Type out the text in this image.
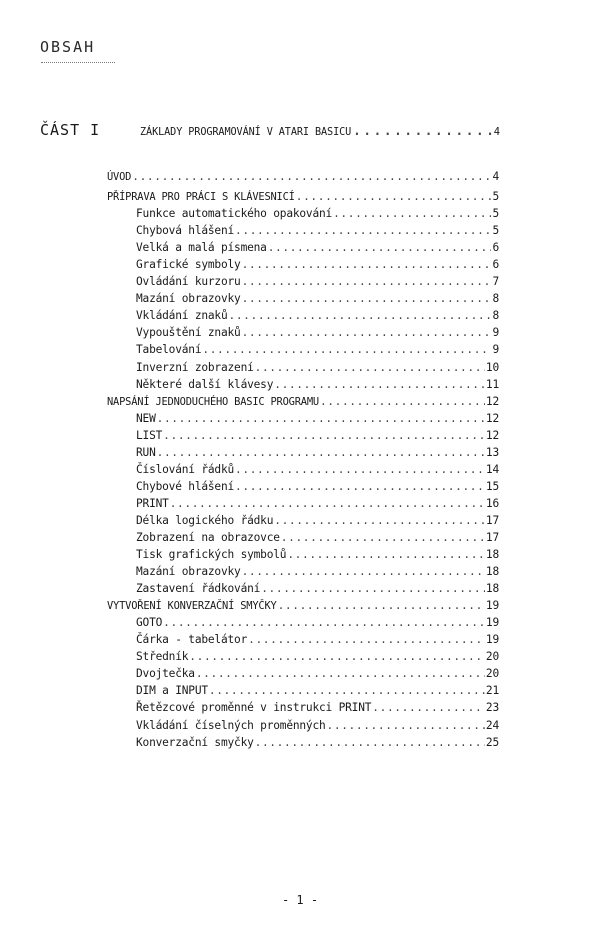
OBSAH
ČÁST I	ZÁKLADY PROGRAMOVÁNÍ V ATARI BASICU .....	4
ÚVOD .....	4
PŘÍPRAVA PRO PRÁCI S KLÁVESNICÍ .....	5
Funkce automatického opakování .....	5
Chybová hlášení .....	5
Velká a malá písmena .....	6
Grafické symboly .....	6
Ovládání kurzoru .....	7
Mazání obrazovky .....	8
Vkládání znaků .....	8
Vypouštění znaků .....	9
Tabelování .....	9
Inverzní zobrazení .....	10
Některé další klávesy .....	11
NAPSÁNÍ JEDNODUCHÉHO BASIC PROGRAMU .....	12
NEW .....	12
LIST .....	12
RUN .....	13
Číslování řádků .....	14
Chybové hlášení .....	15
PRINT .....	16
Délka logického řádku .....	17
Zobrazení na obrazovce .....	17
Tisk grafických symbolů .....	18
Mazání obrazovky .....	18
Zastavení řádkování .....	18
VYTVOŘENÍ KONVERZAČNÍ SMYČKY .....	19
GOTO .....	19
Čárka - tabelátor .....	19
Středník .....	20
Dvojtečka .....	20
DIM a INPUT .....	21
Řetězcové proměnné v instrukci PRINT .....	23
Vkládání číselných proměnných .....	24
Konverzační smyčky .....	25
- 1 -
